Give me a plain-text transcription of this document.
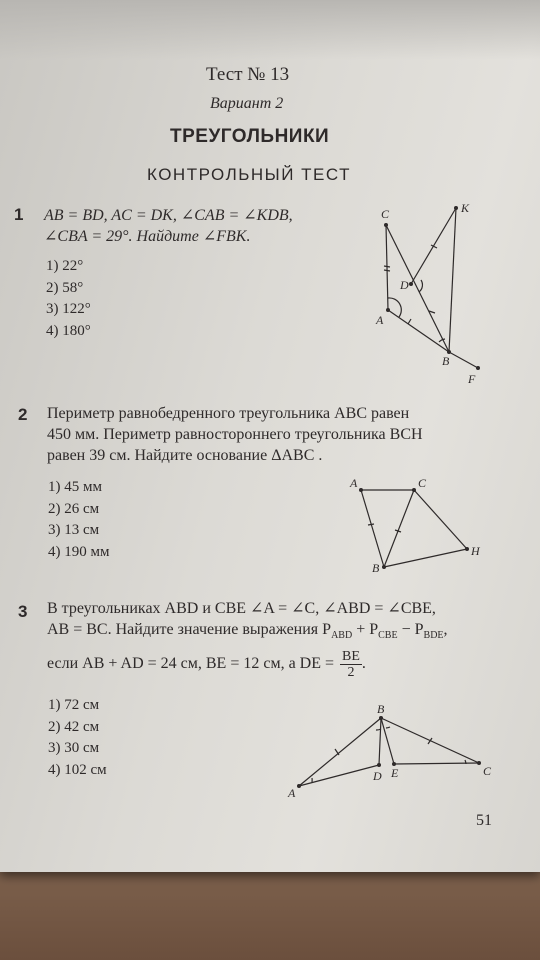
Тест № 13
Вариант 2
ТРЕУГОЛЬНИКИ
КОНТРОЛЬНЫЙ ТЕСТ
1 AB = BD, AC = DK, ∠CAB = ∠KDB,
∠CBA = 29°. Найдите ∠FBK.
1) 22°
2) 58°
3) 122°
4) 180°
C	K
D
A
B
F
2 Периметр равнобедренного треугольника ABC равен
450 мм. Периметр равностороннего треугольника BCH
равен 39 см. Найдите основание ΔABC .
1) 45 мм
2) 26 см
3) 13 см
4) 190 мм
A	C
B
H
3 В треугольниках ABD и CBE ∠A = ∠C, ∠ABD = ∠CBE,
AB = BC. Найдите значение выражения $P_{ABD} + P_{CBE} - P_{BDE}$,
если AB + AD = 24 см, BE = 12 см, а DE = $\frac{BE}{2}$ .
1) 72 см
2) 42 см
3) 30 см
4) 102 см
B
A
D E	C
51
